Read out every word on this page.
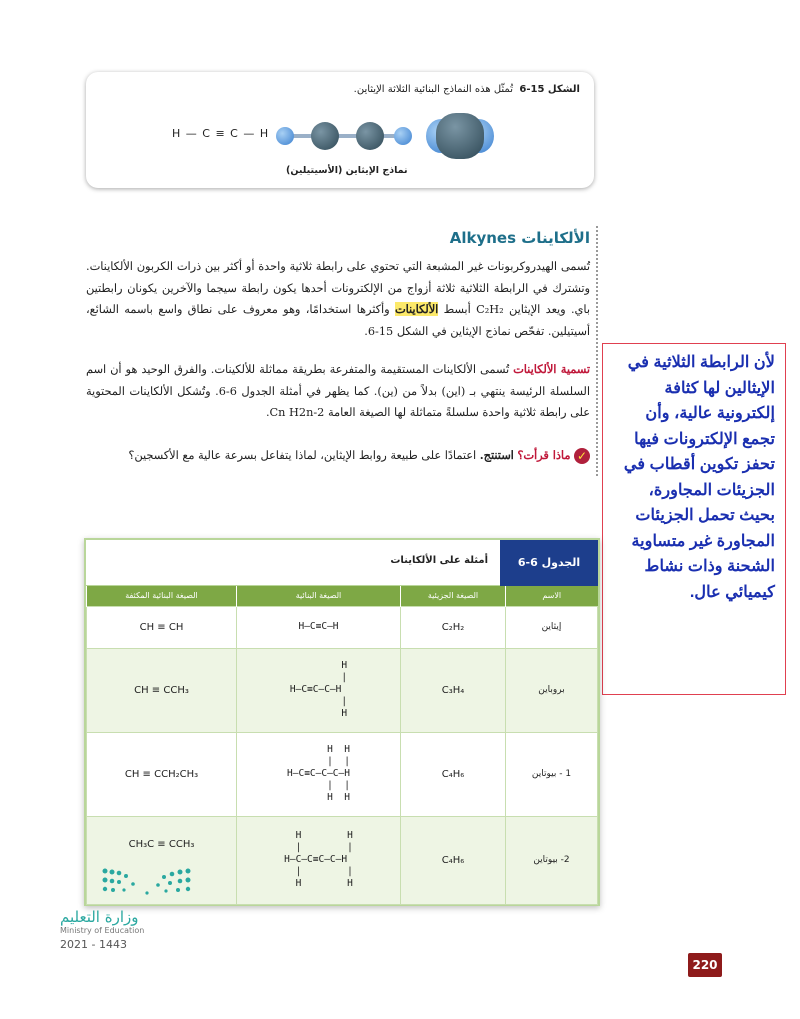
الشكل 15-6  تُمثّل هذه النماذج البنائية الثلاثة الإيثاين.
H — C ≡ C — H
نماذج الإيثاين (الأسيتيلين)
الألكاينات Alkynes
تُسمى الهيدروكربونات غير المشبعة التي تحتوي على رابطة ثلاثية واحدة أو أكثر بين ذرات الكربون الألكاينات. وتشترك في الرابطة الثلاثية ثلاثة أزواج من الإلكترونات أحدها يكون رابطة سيجما والآخرين يكونان رابطتين باي. ويعد الإيثاين C₂H₂ أبسط الألكاينات وأكثرها استخدامًا، وهو معروف على نطاق واسع باسمه الشائع، أسيتيلين. تفحّص نماذج الإيثاين في الشكل 15-6.
تسمية الألكاينات تُسمى الألكاينات المستقيمة والمتفرعة بطريقة مماثلة للألكينات. والفرق الوحيد هو أن اسم السلسلة الرئيسة ينتهي بـ (اين) بدلاً من (ين). كما يظهر في أمثلة الجدول 6-6. وتُشكل الألكاينات المحتوية على رابطة ثلاثية واحدة سلسلةً متماثلة لها الصيغة العامة Cn H2n-2.
✓ ماذا قرأت؟ استنتج. اعتمادًا على طبيعة روابط الإيثاين، لماذا يتفاعل بسرعة عالية مع الأكسجين؟
لأن الرابطة الثلاثية في الإيثالين لها كثافة إلكترونية عالية، وأن تجمع الإلكترونات فيها تحفز تكوين أقطاب في الجزيئات المجاورة، بحيث تحمل الجزيئات المجاورة غير متساوية الشحنة وذات نشاط كيميائي عال.
الجدول 6-6
أمثلة على الألكاينات
الاسم	الصيغة الجزيئية	الصيغة البنائية	الصيغة البنائية المكثفة
إيثاين	C₂H₂	H—C≡C—H	CH ≡ CH
بروباين	C₃H₄	H
|
H—C≡C—C—H
|
H	CH ≡ CCH₃
1 - بيوتاين	C₄H₆	H  H
|  |
H—C≡C—C—C—H
|  |
H  H	CH ≡ CCH₂CH₃
2- بيوتاين	C₄H₆	H        H
|        |
H—C—C≡C—C—H
|        |
H        H	CH₃C ≡ CCH₃
وزارة التعليم
Ministry of Education
2021 - 1443
220
